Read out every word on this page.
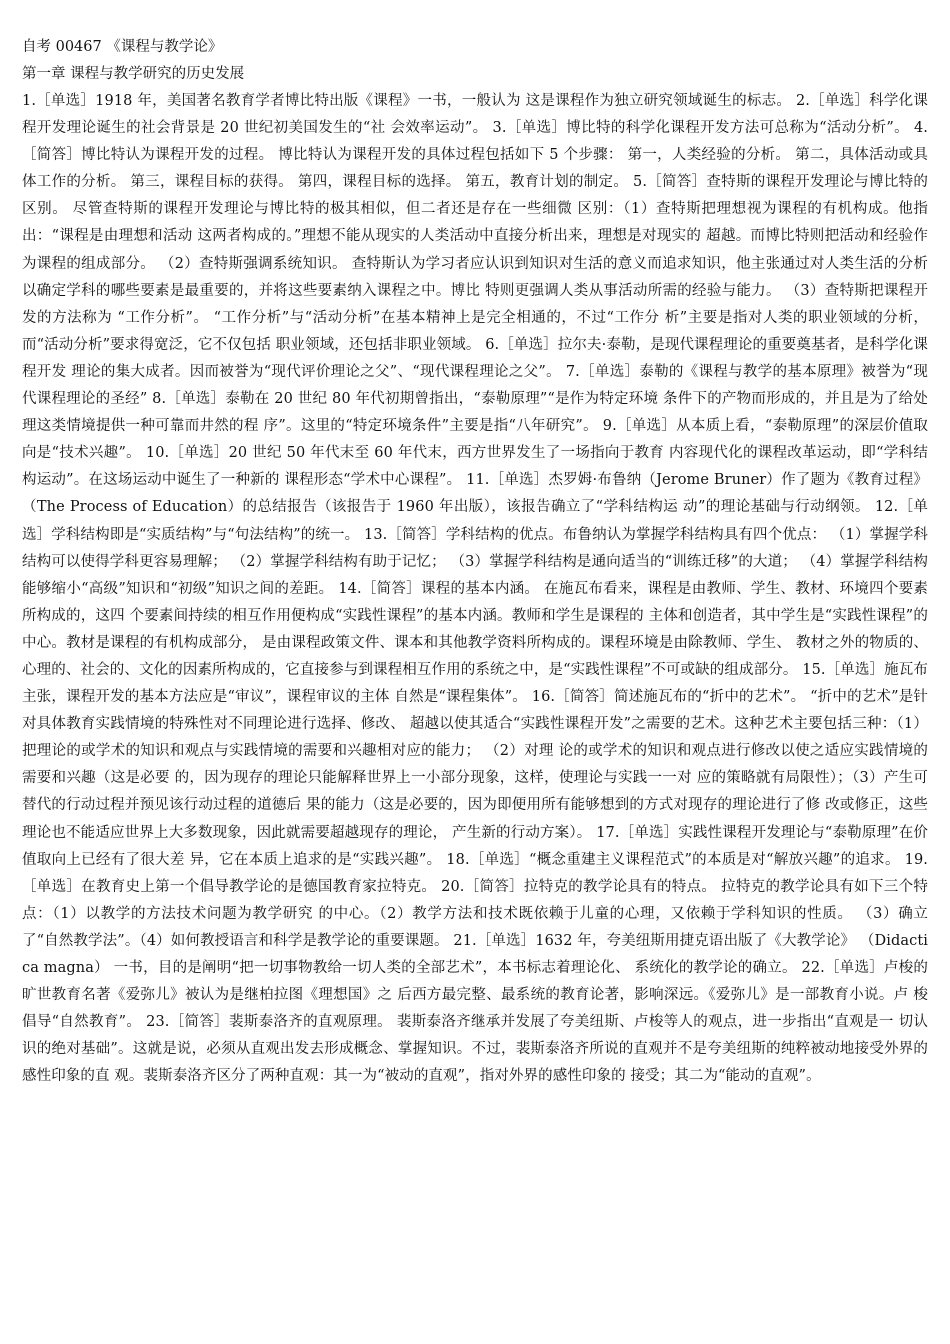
自考 00467 《课程与教学论》

第一章 课程与教学研究的历史发展

1.［单选］1918 年，美国著名教育学者博比特出版《课程》一书，一般认为 这是课程作为独立研究领域诞生的标志。 2.［单选］科学化课程开发理论诞生的社会背景是 20 世纪初美国发生的“社 会效率运动”。 3.［单选］博比特的科学化课程开发方法可总称为“活动分析”。 4.［简答］博比特认为课程开发的过程。 博比特认为课程开发的具体过程包括如下 5 个步骤： 第一，人类经验的分析。 第二，具体活动或具体工作的分析。 第三，课程目标的获得。 第四，课程目标的选择。 第五，教育计划的制定。 5.［简答］查特斯的课程开发理论与博比特的区别。 尽管查特斯的课程开发理论与博比特的极其相似，但二者还是存在一些细微 区别：（1）查特斯把理想视为课程的有机构成。他指出：“课程是由理想和活动 这两者构成的。”理想不能从现实的人类活动中直接分析出来，理想是对现实的 超越。而博比特则把活动和经验作为课程的组成部分。 （2）查特斯强调系统知识。 查特斯认为学习者应认识到知识对生活的意义而追求知识，他主张通过对人类生活的分析以确定学科的哪些要素是最重要的，并将这些要素纳入课程之中。博比 特则更强调人类从事活动所需的经验与能力。 （3）查特斯把课程开发的方法称为 “工作分析”。 “工作分析”与“活动分析”在基本精神上是完全相通的，不过“工作分 析”主要是指对人类的职业领域的分析，而“活动分析”要求得宽泛，它不仅包括 职业领域，还包括非职业领域。 6.［单选］拉尔夫·泰勒，是现代课程理论的重要奠基者，是科学化课程开发 理论的集大成者。因而被誉为“现代评价理论之父”、“现代课程理论之父”。 7.［单选］泰勒的《课程与教学的基本原理》被誉为“现代课程理论的圣经” 8.［单选］泰勒在 20 世纪 80 年代初期曾指出，“泰勒原理”“是作为特定环境 条件下的产物而形成的，并且是为了给处理这类情境提供一种可靠而井然的程 序”。这里的“特定环境条件”主要是指“八年研究”。 9.［单选］从本质上看，“泰勒原理”的深层价值取向是“技术兴趣”。 10.［单选］20 世纪 50 年代末至 60 年代末，西方世界发生了一场指向于教育 内容现代化的课程改革运动，即“学科结构运动”。在这场运动中诞生了一种新的 课程形态“学术中心课程”。 11.［单选］杰罗姆·布鲁纳（Jerome Bruner）作了题为《教育过程》 （The Process of Education）的总结报告（该报告于 1960 年出版），该报告确立了“学科结构运 动”的理论基础与行动纲领。 12.［单选］学科结构即是“实质结构”与“句法结构”的统一。 13.［简答］学科结构的优点。布鲁纳认为掌握学科结构具有四个优点： （1）掌握学科结构可以使得学科更容易理解； （2）掌握学科结构有助于记忆； （3）掌握学科结构是通向适当的“训练迁移”的大道； （4）掌握学科结构能够缩小“高级”知识和“初级”知识之间的差距。 14.［简答］课程的基本内涵。 在施瓦布看来，课程是由教师、学生、教材、环境四个要素所构成的，这四 个要素间持续的相互作用便构成“实践性课程”的基本内涵。教师和学生是课程的 主体和创造者，其中学生是“实践性课程”的中心。教材是课程的有机构成部分， 是由课程政策文件、课本和其他教学资料所构成的。课程环境是由除教师、学生、 教材之外的物质的、心理的、社会的、文化的因素所构成的，它直接参与到课程相互作用的系统之中，是“实践性课程”不可或缺的组成部分。 15.［单选］施瓦布主张，课程开发的基本方法应是“审议”，课程审议的主体 自然是“课程集体”。 16.［简答］简述施瓦布的“折中的艺术”。 “折中的艺术”是针对具体教育实践情境的特殊性对不同理论进行选择、修改、 超越以使其适合“实践性课程开发”之需要的艺术。这种艺术主要包括三种：（1） 把理论的或学术的知识和观点与实践情境的需要和兴趣相对应的能力； （2）对理 论的或学术的知识和观点进行修改以使之适应实践情境的需要和兴趣（这是必要 的，因为现存的理论只能解释世界上一小部分现象，这样，使理论与实践一一对 应的策略就有局限性）；（3）产生可替代的行动过程并预见该行动过程的道德后 果的能力（这是必要的，因为即便用所有能够想到的方式对现存的理论进行了修 改或修正，这些理论也不能适应世界上大多数现象，因此就需要超越现存的理论， 产生新的行动方案）。 17.［单选］实践性课程开发理论与“泰勒原理”在价值取向上已经有了很大差 异，它在本质上追求的是“实践兴趣”。 18.［单选］“概念重建主义课程范式”的本质是对“解放兴趣”的追求。 19.［单选］在教育史上第一个倡导教学论的是德国教育家拉特克。 20.［简答］拉特克的教学论具有的特点。 拉特克的教学论具有如下三个特点：（1）以教学的方法技术问题为教学研究 的中心。（2）教学方法和技术既依赖于儿童的心理，又依赖于学科知识的性质。 （3）确立了“自然教学法”。（4）如何教授语言和科学是教学论的重要课题。 21.［单选］1632 年，夸美纽斯用捷克语出版了《大教学论》 （Didactica magna） 一书，目的是阐明“把一切事物教给一切人类的全部艺术”，本书标志着理论化、 系统化的教学论的确立。 22.［单选］卢梭的旷世教育名著《爱弥儿》被认为是继柏拉图《理想国》之 后西方最完整、最系统的教育论著，影响深远。《爱弥儿》是一部教育小说。卢 梭倡导“自然教育”。 23.［简答］裴斯泰洛齐的直观原理。 裴斯泰洛齐继承并发展了夸美纽斯、卢梭等人的观点，进一步指出“直观是一 切认识的绝对基础”。这就是说，必须从直观出发去形成概念、掌握知识。不过，裴斯泰洛齐所说的直观并不是夸美纽斯的纯粹被动地接受外界的感性印象的直 观。裴斯泰洛齐区分了两种直观：其一为“被动的直观”，指对外界的感性印象的 接受；其二为“能动的直观”。
